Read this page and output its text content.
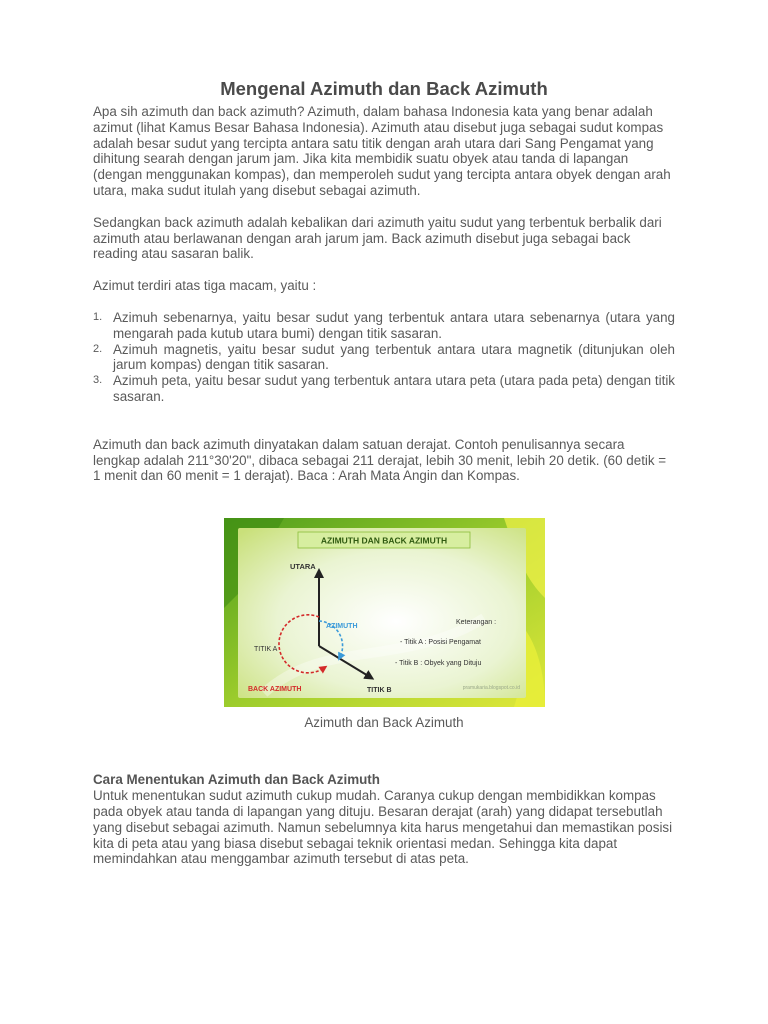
Mengenal Azimuth dan Back Azimuth

Apa sih azimuth dan back azimuth? Azimuth, dalam bahasa Indonesia kata yang benar adalah azimut (lihat Kamus Besar Bahasa Indonesia). Azimuth atau disebut juga sebagai sudut kompas adalah besar sudut yang tercipta antara satu titik dengan arah utara dari Sang Pengamat yang dihitung searah dengan jarum jam. Jika kita membidik suatu obyek atau tanda di lapangan (dengan menggunakan kompas), dan memperoleh sudut yang tercipta antara obyek dengan arah utara, maka sudut itulah yang disebut sebagai azimuth.

Sedangkan back azimuth adalah kebalikan dari azimuth yaitu sudut yang terbentuk berbalik dari azimuth atau berlawanan dengan arah jarum jam. Back azimuth disebut juga sebagai back reading atau sasaran balik.

Azimut terdiri atas tiga macam, yaitu :

1. Azimuh sebenarnya, yaitu besar sudut yang terbentuk antara utara sebenarnya (utara yang mengarah pada kutub utara bumi) dengan titik sasaran.
2. Azimuh magnetis, yaitu besar sudut yang terbentuk antara utara magnetik (ditunjukan oleh jarum kompas) dengan titik sasaran.
3. Azimuh peta, yaitu besar sudut yang terbentuk antara utara peta (utara pada peta) dengan titik sasaran.

Azimuth dan back azimuth dinyatakan dalam satuan derajat. Contoh penulisannya secara lengkap adalah 211°30'20", dibaca sebagai 211 derajat, lebih 30 menit, lebih 20 detik. (60 detik = 1 menit dan 60 menit = 1 derajat). Baca : Arah Mata Angin dan Kompas.

AZIMUTH DAN BACK AZIMUTH
UTARA
AZIMUTH
TITIK A
TITIK B
BACK AZIMUTH
Keterangan :
- Titik A : Posisi Pengamat
- Titik B : Obyek yang Dituju
pramukaria.blogspot.co.id
Azimuth dan Back Azimuth
Cara Menentukan Azimuth dan Back Azimuth

Untuk menentukan sudut azimuth cukup mudah. Caranya cukup dengan membidikkan kompas pada obyek atau tanda di lapangan yang dituju. Besaran derajat (arah) yang didapat tersebutlah yang disebut sebagai azimuth. Namun sebelumnya kita harus mengetahui dan memastikan posisi kita di peta atau yang biasa disebut sebagai teknik orientasi medan. Sehingga kita dapat memindahkan atau menggambar azimuth tersebut di atas peta.
